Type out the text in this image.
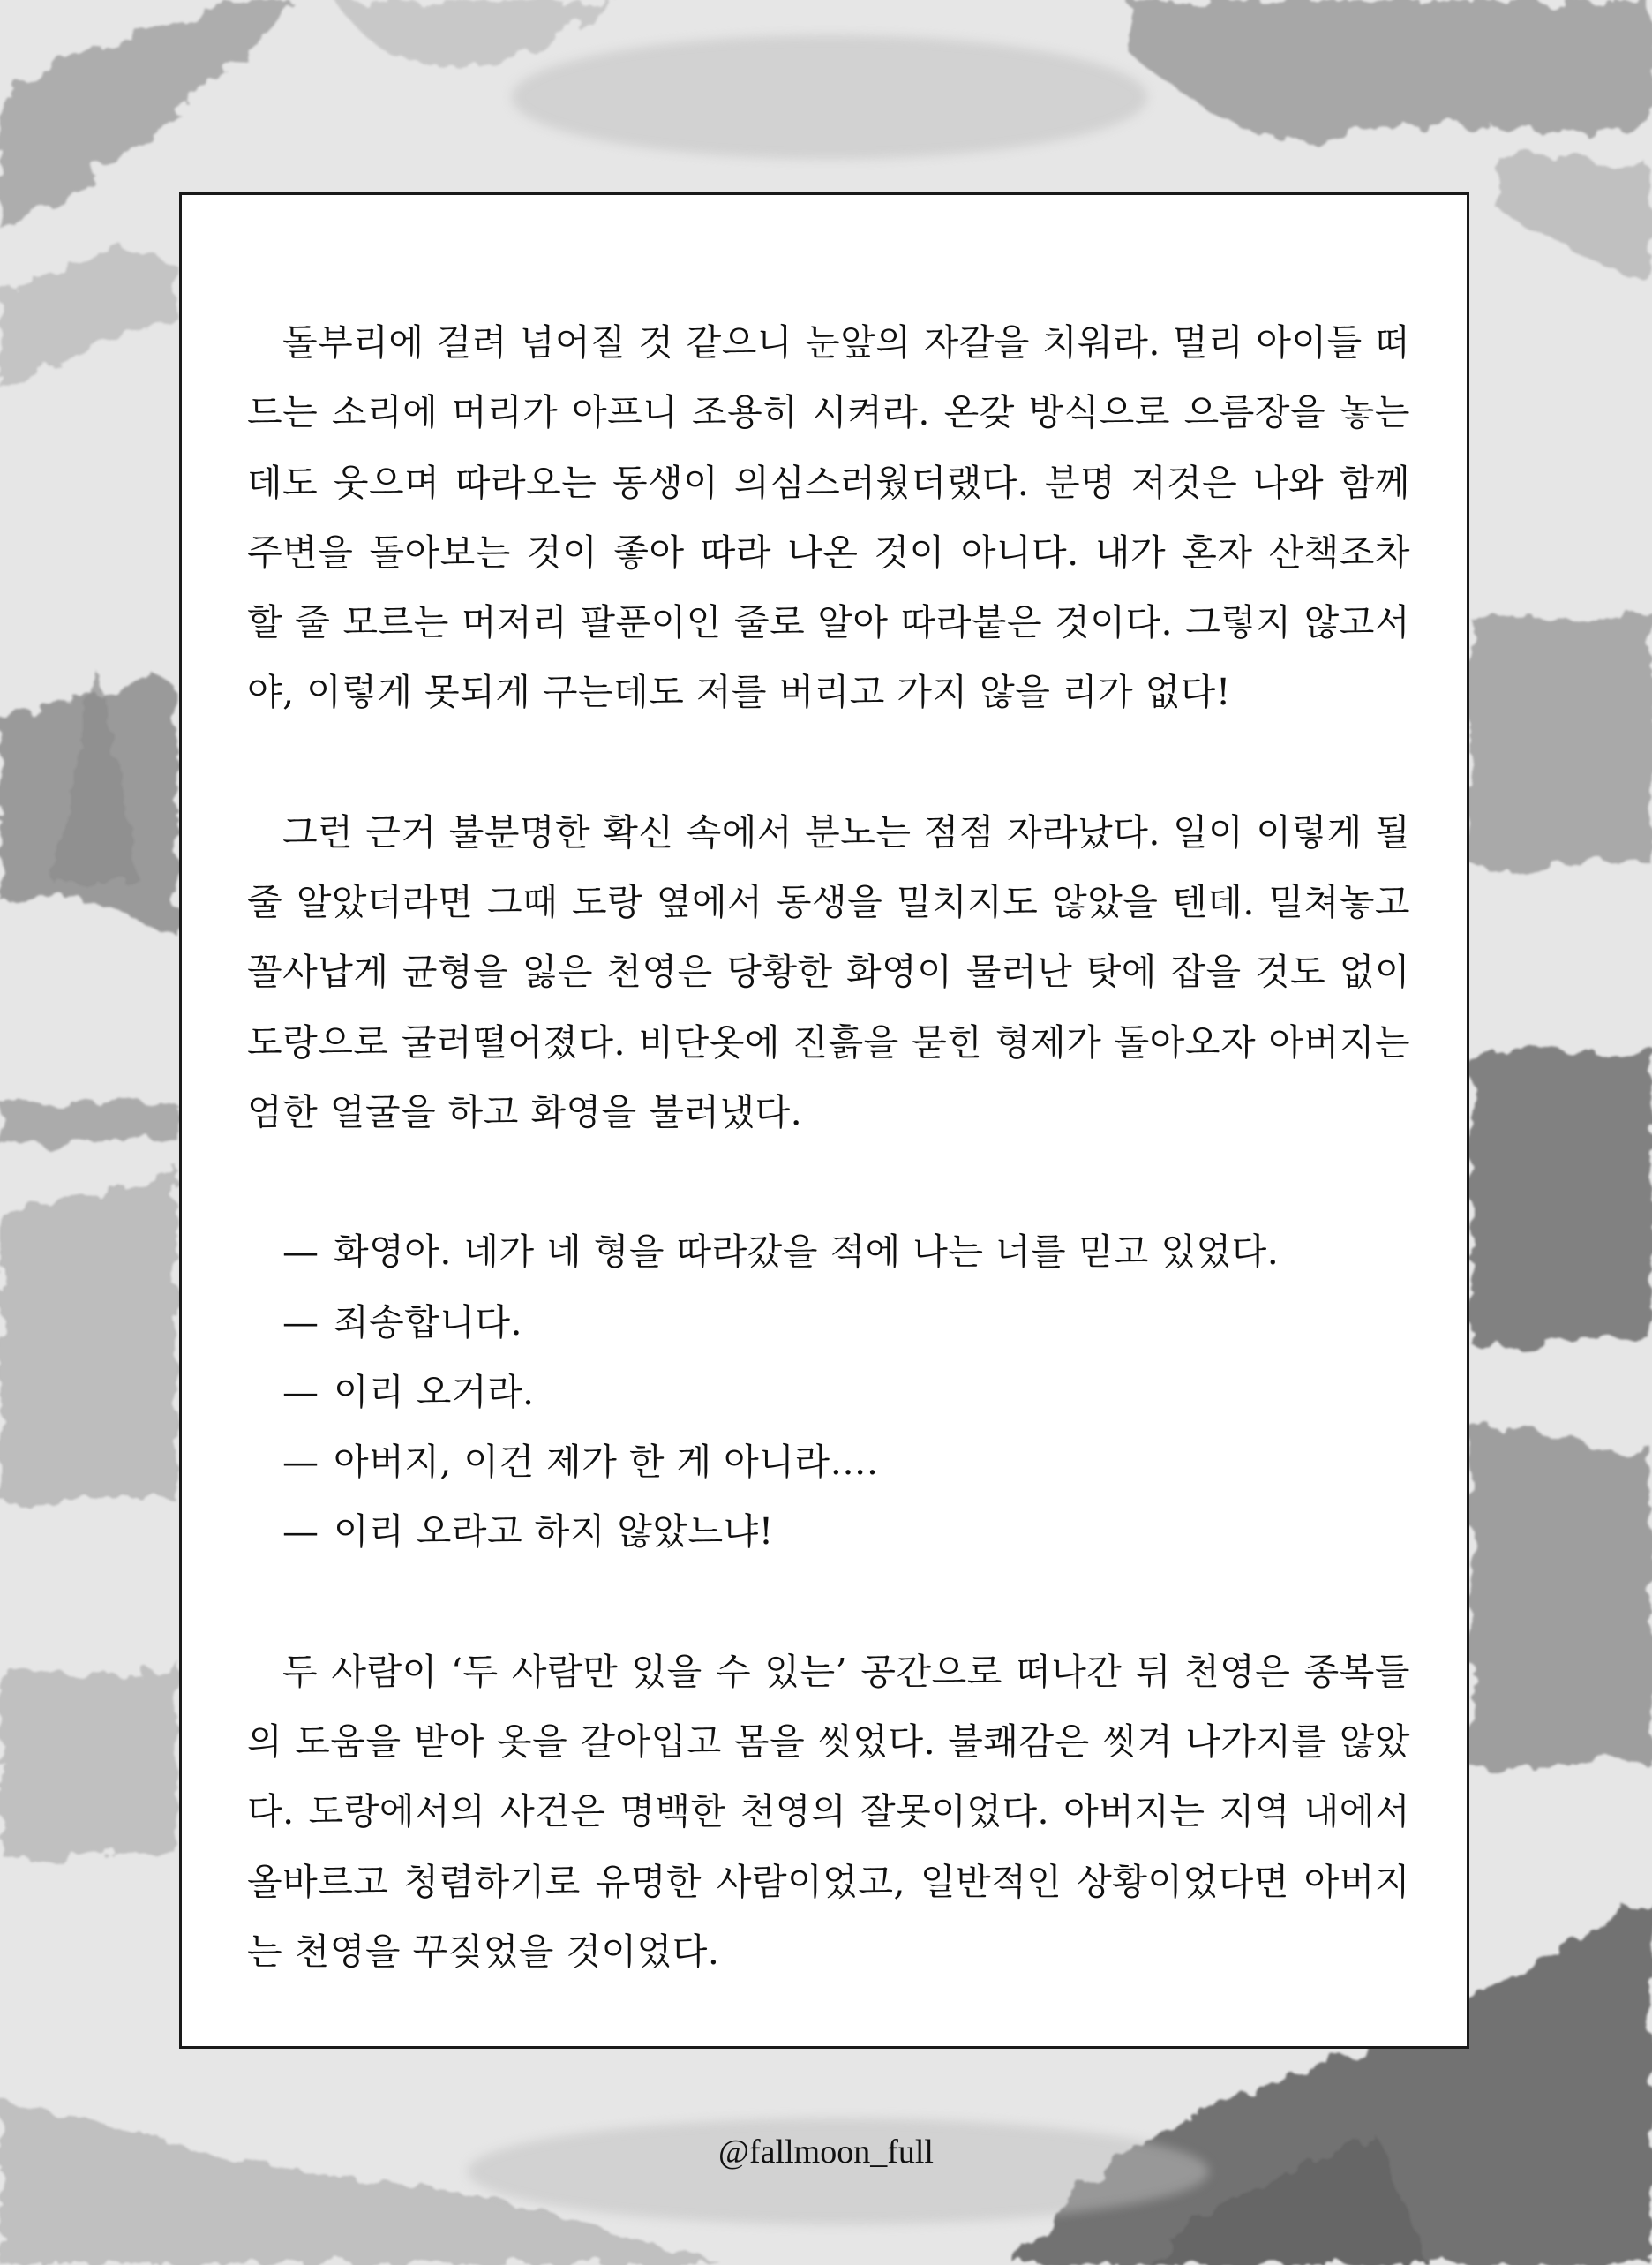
돌부리에 걸려 넘어질 것 같으니 눈앞의 자갈을 치워라. 멀리 아이들 떠드는 소리에 머리가 아프니 조용히 시켜라. 온갖 방식으로 으름장을 놓는데도 웃으며 따라오는 동생이 의심스러웠더랬다. 분명 저것은 나와 함께 주변을 돌아보는 것이 좋아 따라 나온 것이 아니다. 내가 혼자 산책조차 할 줄 모르는 머저리 팔푼이인 줄로 알아 따라붙은 것이다. 그렇지 않고서야, 이렇게 못되게 구는데도 저를 버리고 가지 않을 리가 없다!

그런 근거 불분명한 확신 속에서 분노는 점점 자라났다. 일이 이렇게 될 줄 알았더라면 그때 도랑 옆에서 동생을 밀치지도 않았을 텐데. 밀쳐놓고 꼴사납게 균형을 잃은 천영은 당황한 화영이 물러난 탓에 잡을 것도 없이 도랑으로 굴러떨어졌다. 비단옷에 진흙을 묻힌 형제가 돌아오자 아버지는 엄한 얼굴을 하고 화영을 불러냈다.

— 화영아. 네가 네 형을 따라갔을 적에 나는 너를 믿고 있었다.
— 죄송합니다.
— 이리 오거라.
— 아버지, 이건 제가 한 게 아니라….
— 이리 오라고 하지 않았느냐!

두 사람이 ‘두 사람만 있을 수 있는’ 공간으로 떠나간 뒤 천영은 종복들의 도움을 받아 옷을 갈아입고 몸을 씻었다. 불쾌감은 씻겨 나가지를 않았다. 도랑에서의 사건은 명백한 천영의 잘못이었다. 아버지는 지역 내에서 올바르고 청렴하기로 유명한 사람이었고, 일반적인 상황이었다면 아버지는 천영을 꾸짖었을 것이었다.

@fallmoon_full
